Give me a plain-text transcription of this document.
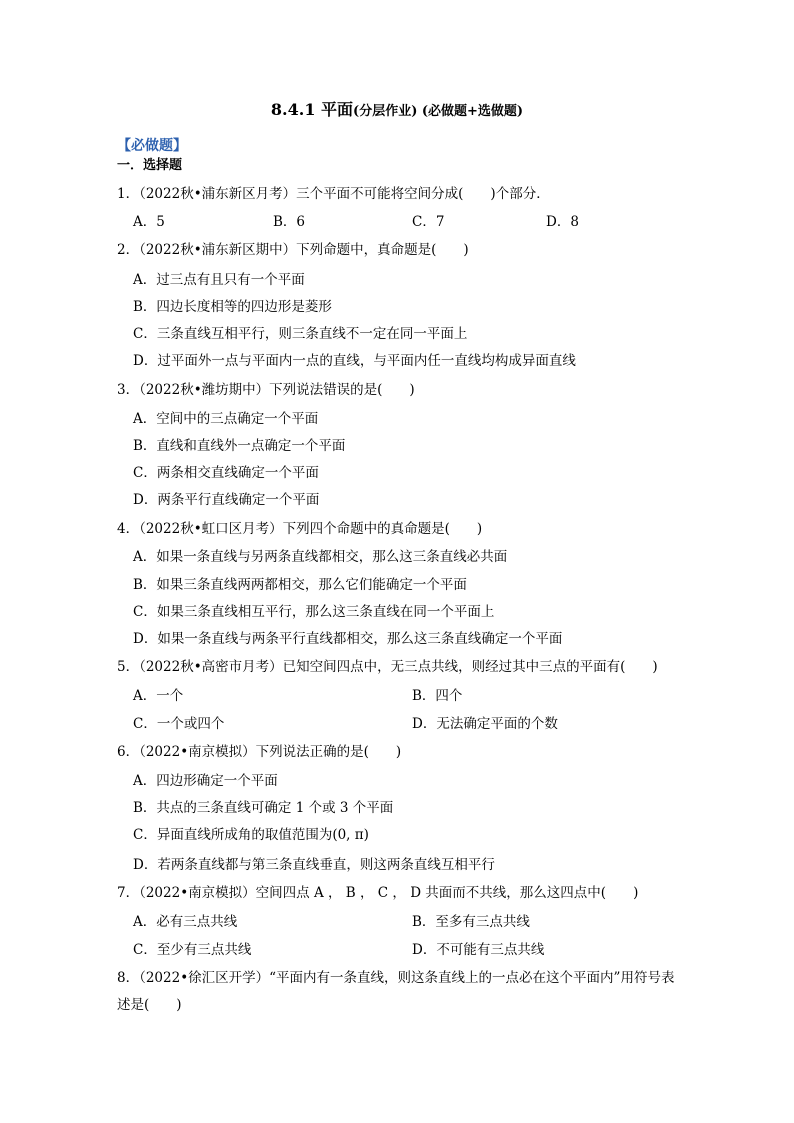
8.4.1 平面(分层作业) (必做题+选做题)
【必做题】
一．选择题
1．（2022秋•浦东新区月考）三个平面不可能将空间分成(　　)个部分．
A．5	B．6	C．7	D．8
2．（2022秋•浦东新区期中）下列命题中，真命题是(　　)
A．过三点有且只有一个平面
B．四边长度相等的四边形是菱形
C．三条直线互相平行，则三条直线不一定在同一平面上
D．过平面外一点与平面内一点的直线，与平面内任一直线均构成异面直线
3．（2022秋•潍坊期中）下列说法错误的是(　　)
A．空间中的三点确定一个平面
B．直线和直线外一点确定一个平面
C．两条相交直线确定一个平面
D．两条平行直线确定一个平面
4．（2022秋•虹口区月考）下列四个命题中的真命题是(　　)
A．如果一条直线与另两条直线都相交，那么这三条直线必共面
B．如果三条直线两两都相交，那么它们能确定一个平面
C．如果三条直线相互平行，那么这三条直线在同一个平面上
D．如果一条直线与两条平行直线都相交，那么这三条直线确定一个平面
5．（2022秋•高密市月考）已知空间四点中，无三点共线，则经过其中三点的平面有(　　)
A．一个	B．四个
C．一个或四个	D．无法确定平面的个数
6．（2022•南京模拟）下列说法正确的是(　　)
A．四边形确定一个平面
B．共点的三条直线可确定 1 个或 3 个平面
C．异面直线所成角的取值范围为(0, π)
D．若两条直线都与第三条直线垂直，则这两条直线互相平行
7．（2022•南京模拟）空间四点 A ， B ， C ， D 共面而不共线，那么这四点中(　　)
A．必有三点共线	B．至多有三点共线
C．至少有三点共线	D．不可能有三点共线
8．（2022•徐汇区开学）“平面内有一条直线，则这条直线上的一点必在这个平面内”用符号表述是(　　)
